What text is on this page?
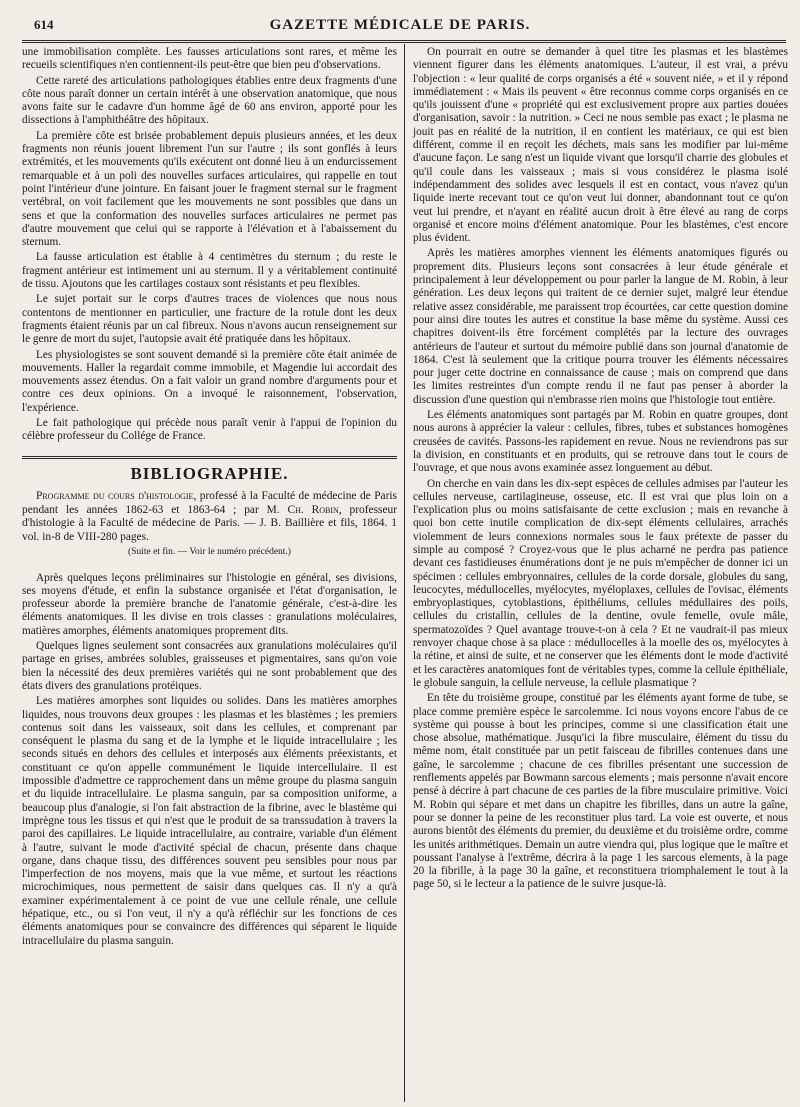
614	GAZETTE MÉDICALE DE PARIS.

une immobilisation complète. Les fausses articulations sont rares, et même les recueils scientifiques n'en contiennent-ils peut-être que bien peu d'observations.

Cette rareté des articulations pathologiques établies entre deux fragments d'une côte nous paraît donner un certain intérêt à une observation anatomique, que nous avons faite sur le cadavre d'un homme âgé de 60 ans environ, apporté pour les dissections à l'amphithéâtre des hôpitaux.

La première côte est brisée probablement depuis plusieurs années, et les deux fragments non réunis jouent librement l'un sur l'autre ; ils sont gonflés à leurs extrémités, et les mouvements qu'ils exécutent ont donné lieu à un endurcissement remarquable et à un poli des nouvelles surfaces articulaires, qui rappelle en tout point l'intérieur d'une jointure. En faisant jouer le fragment sternal sur le fragment vertébral, on voit facilement que les mouvements ne sont possibles que dans un sens et que la conformation des nouvelles surfaces articulaires ne permet pas d'autre mouvement que celui qui se rapporte à l'élévation et à l'abaissement du sternum.

La fausse articulation est établie à 4 centimètres du sternum ; du reste le fragment antérieur est intimement uni au sternum. Il y a véritablement continuité de tissu. Ajoutons que les cartilages costaux sont résistants et peu flexibles.

Le sujet portait sur le corps d'autres traces de violences que nous nous contentons de mentionner en particulier, une fracture de la rotule dont les deux fragments étaient réunis par un cal fibreux. Nous n'avons aucun renseignement sur le genre de mort du sujet, l'autopsie avait été pratiquée dans les hôpitaux.

Les physiologistes se sont souvent demandé si la première côte était animée de mouvements. Haller la regardait comme immobile, et Magendie lui accordait des mouvements assez étendus. On a fait valoir un grand nombre d'arguments pour et contre ces deux opinions. On a invoqué le raisonnement, l'observation, l'expérience.

Le fait pathologique qui précède nous paraît venir à l'appui de l'opinion du célèbre professeur du Collége de France.

BIBLIOGRAPHIE.

Programme du cours d'histologie, professé à la Faculté de médecine de Paris pendant les années 1862-63 et 1863-64 ; par M. Ch. Robin, professeur d'histologie à la Faculté de médecine de Paris. — J. B. Baillière et fils, 1864. 1 vol. in-8 de VIII-280 pages.

(Suite et fin. — Voir le numéro précédent.)

Après quelques leçons préliminaires sur l'histologie en général, ses divisions, ses moyens d'étude, et enfin la substance organisée et l'état d'organisation, le professeur aborde la première branche de l'anatomie générale, c'est-à-dire les éléments anatomiques. Il les divise en trois classes : granulations moléculaires, matières amorphes, éléments anatomiques proprement dits.

Quelques lignes seulement sont consacrées aux granulations moléculaires qu'il partage en grises, ambrées solubles, graisseuses et pigmentaires, sans qu'on voie bien la nécessité des deux premières variétés qui ne sont probablement que des états divers des granulations protéiques.

Les matières amorphes sont liquides ou solides. Dans les matières amorphes liquides, nous trouvons deux groupes : les plasmas et les blastèmes ; les premiers contenus soit dans les vaisseaux, soit dans les cellules, et comprenant par conséquent le plasma du sang et de la lymphe et le liquide intracellulaire ; les seconds situés en dehors des cellules et interposés aux éléments préexistants, et constituant ce qu'on appelle communément le liquide intercellulaire. Il est impossible d'admettre ce rapprochement dans un même groupe du plasma sanguin et du liquide intracellulaire. Le plasma sanguin, par sa composition uniforme, a beaucoup plus d'analogie, si l'on fait abstraction de la fibrine, avec le blastème qui imprègne tous les tissus et qui n'est que le produit de sa transsudation à travers la paroi des capillaires. Le liquide intracellulaire, au contraire, variable d'un élément à l'autre, suivant le mode d'activité spécial de chacun, présente dans chaque organe, dans chaque tissu, des différences souvent peu sensibles pour nous par l'imperfection de nos moyens, mais que la vue même, et surtout les réactions microchimiques, nous permettent de saisir dans quelques cas. Il n'y a qu'à examiner expérimentalement à ce point de vue une cellule rénale, une cellule hépatique, etc., ou si l'on veut, il n'y a qu'à réfléchir sur les fonctions de ces éléments anatomiques pour se convaincre des différences qui séparent le liquide intracellulaire du plasma sanguin.

On pourrait en outre se demander à quel titre les plasmas et les blastèmes viennent figurer dans les éléments anatomiques. L'auteur, il est vrai, a prévu l'objection : « leur qualité de corps organisés a été « souvent niée, » et il y répond immédiatement : « Mais ils peuvent « être reconnus comme corps organisés en ce qu'ils jouissent d'une « propriété qui est exclusivement propre aux parties douées d'organisation, savoir : la nutrition. » Ceci ne nous semble pas exact ; le plasma ne jouit pas en réalité de la nutrition, il en contient les matériaux, ce qui est bien différent, comme il en reçoit les déchets, mais sans les modifier par lui-même d'aucune façon. Le sang n'est un liquide vivant que lorsqu'il charrie des globules et qu'il coule dans les vaisseaux ; mais si vous considérez le plasma isolé indépendamment des solides avec lesquels il est en contact, vous n'avez qu'un liquide inerte recevant tout ce qu'on veut lui donner, abandonnant tout ce qu'on veut lui prendre, et n'ayant en réalité aucun droit à être élevé au rang de corps organisé et encore moins d'élément anatomique. Pour les blastèmes, c'est encore plus évident.

Après les matières amorphes viennent les éléments anatomiques figurés ou proprement dits. Plusieurs leçons sont consacrées à leur étude générale et principalement à leur développement ou pour parler la langue de M. Robin, à leur génération. Les deux leçons qui traitent de ce dernier sujet, malgré leur étendue relative assez considérable, me paraissent trop écourtées, car cette question domine pour ainsi dire toutes les autres et constitue la base même du système. Aussi ces chapitres doivent-ils être forcément complétés par la lecture des ouvrages antérieurs de l'auteur et surtout du mémoire publié dans son journal d'anatomie de 1864. C'est là seulement que la critique pourra trouver les éléments nécessaires pour juger cette doctrine en connaissance de cause ; mais on comprend que dans les limites restreintes d'un compte rendu il ne faut pas penser à aborder la discussion d'une question qui n'embrasse rien moins que l'histologie tout entière.

Les éléments anatomiques sont partagés par M. Robin en quatre groupes, dont nous aurons à apprécier la valeur : cellules, fibres, tubes et substances homogènes creusées de cavités. Passons-les rapidement en revue. Nous ne reviendrons pas sur la division, en constituants et en produits, qui se retrouve dans tout le cours de l'ouvrage, et que nous avons examinée assez longuement au début.

On cherche en vain dans les dix-sept espèces de cellules admises par l'auteur les cellules nerveuse, cartilagineuse, osseuse, etc. Il est vrai que plus loin on a l'explication plus ou moins satisfaisante de cette exclusion ; mais en revanche à quoi bon cette inutile complication de dix-sept éléments cellulaires, arrachés violemment de leurs connexions normales sous le faux prétexte de passer du simple au composé ? Croyez-vous que le plus acharné ne perdra pas patience devant ces fastidieuses énumérations dont je ne puis m'empêcher de donner ici un spécimen : cellules embryonnaires, cellules de la corde dorsale, globules du sang, leucocytes, médullocelles, myélocytes, myéloplaxes, cellules de l'ovisac, éléments embryoplastiques, cytoblastions, épithéliums, cellules médullaires des poils, cellules du cristallin, cellules de la dentine, ovule femelle, ovule mâle, spermatozoïdes ? Quel avantage trouve-t-on à cela ? Et ne vaudrait-il pas mieux renvoyer chaque chose à sa place : médullocelles à la moelle des os, myélocytes à la rétine, et ainsi de suite, et ne conserver que les éléments dont le mode d'activité et les caractères anatomiques font de véritables types, comme la cellule épithéliale, le globule sanguin, la cellule nerveuse, la cellule plasmatique ?

En tête du troisième groupe, constitué par les éléments ayant forme de tube, se place comme première espèce le sarcolemme. Ici nous voyons encore l'abus de ce système qui pousse à bout les principes, comme si une classification était une chose absolue, mathématique. Jusqu'ici la fibre musculaire, élément du tissu du même nom, était constituée par un petit faisceau de fibrilles contenues dans une gaîne, le sarcolemme ; chacune de ces fibrilles présentant une succession de renflements appelés par Bowmann sarcous elements ; mais personne n'avait encore pensé à décrire à part chacune de ces parties de la fibre musculaire primitive. Voici M. Robin qui sépare et met dans un chapitre les fibrilles, dans un autre la gaîne, pour se donner la peine de les reconstituer plus tard. La voie est ouverte, et nous aurons bientôt des éléments du premier, du deuxième et du troisième ordre, comme les unités arithmétiques. Demain un autre viendra qui, plus logique que le maître et poussant l'analyse à l'extrême, décrira à la page 1 les sarcous elements, à la page 20 la fibrille, à la page 30 la gaîne, et reconstituera triomphalement le tout à la page 50, si le lecteur a la patience de le suivre jusque-là.
